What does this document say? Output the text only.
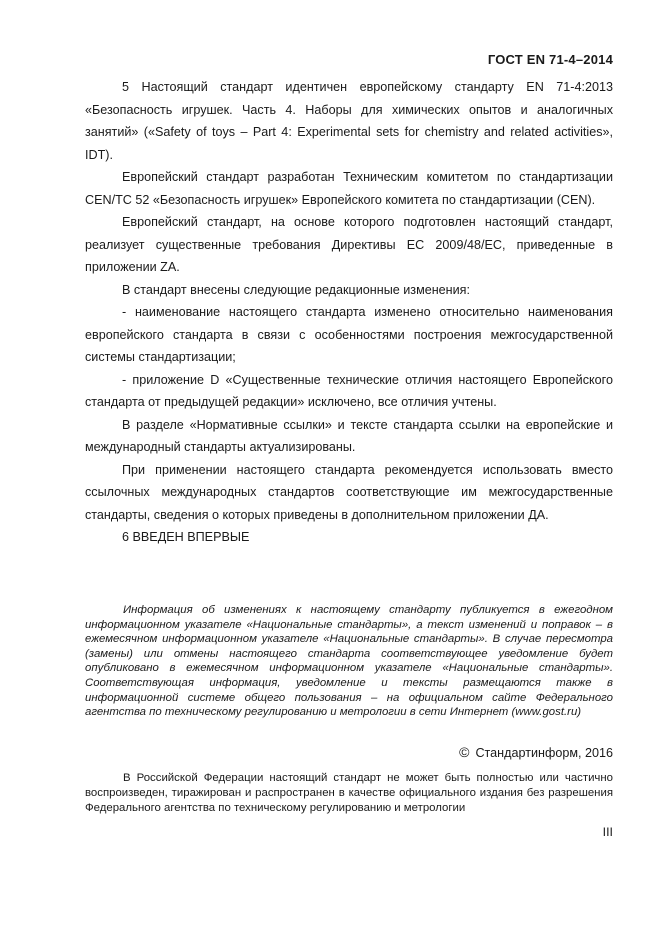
ГОСТ EN 71-4–2014

5 Настоящий стандарт идентичен европейскому стандарту EN 71-4:2013 «Безопасность игрушек. Часть 4. Наборы для химических опытов и аналогичных занятий» («Safety of toys – Part 4: Experimental sets for chemistry and related activities», IDT).

Европейский стандарт разработан Техническим комитетом по стандартизации CEN/TC 52 «Безопасность игрушек» Европейского комитета по стандартизации (CEN).

Европейский стандарт, на основе которого подготовлен настоящий стандарт, реализует существенные требования Директивы ЕС 2009/48/EC, приведенные в приложении ZA.

В стандарт внесены следующие редакционные изменения:

- наименование настоящего стандарта изменено относительно наименования европейского стандарта в связи с особенностями построения межгосударственной системы стандартизации;

- приложение D «Существенные технические отличия настоящего Европейского стандарта от предыдущей редакции» исключено, все отличия учтены.

В разделе «Нормативные ссылки» и тексте стандарта ссылки на европейские и международный стандарты актуализированы.

При применении настоящего стандарта рекомендуется использовать вместо ссылочных международных стандартов соответствующие им межгосударственные стандарты, сведения о которых приведены в дополнительном приложении ДА.

6 ВВЕДЕН ВПЕРВЫЕ

Информация об изменениях к настоящему стандарту публикуется в ежегодном информационном указателе «Национальные стандарты», а текст изменений и поправок – в ежемесячном информационном указателе «Национальные стандарты». В случае пересмотра (замены) или отмены настоящего стандарта соответствующее уведомление будет опубликовано в ежемесячном информационном указателе «Национальные стандарты». Соответствующая информация, уведомление и тексты размещаются также в информационной системе общего пользования – на официальном сайте Федерального агентства по техническому регулированию и метрологии в сети Интернет (www.gost.ru)

© Стандартинформ, 2016

В Российской Федерации настоящий стандарт не может быть полностью или частично воспроизведен, тиражирован и распространен в качестве официального издания без разрешения Федерального агентства по техническому регулированию и метрологии

III
